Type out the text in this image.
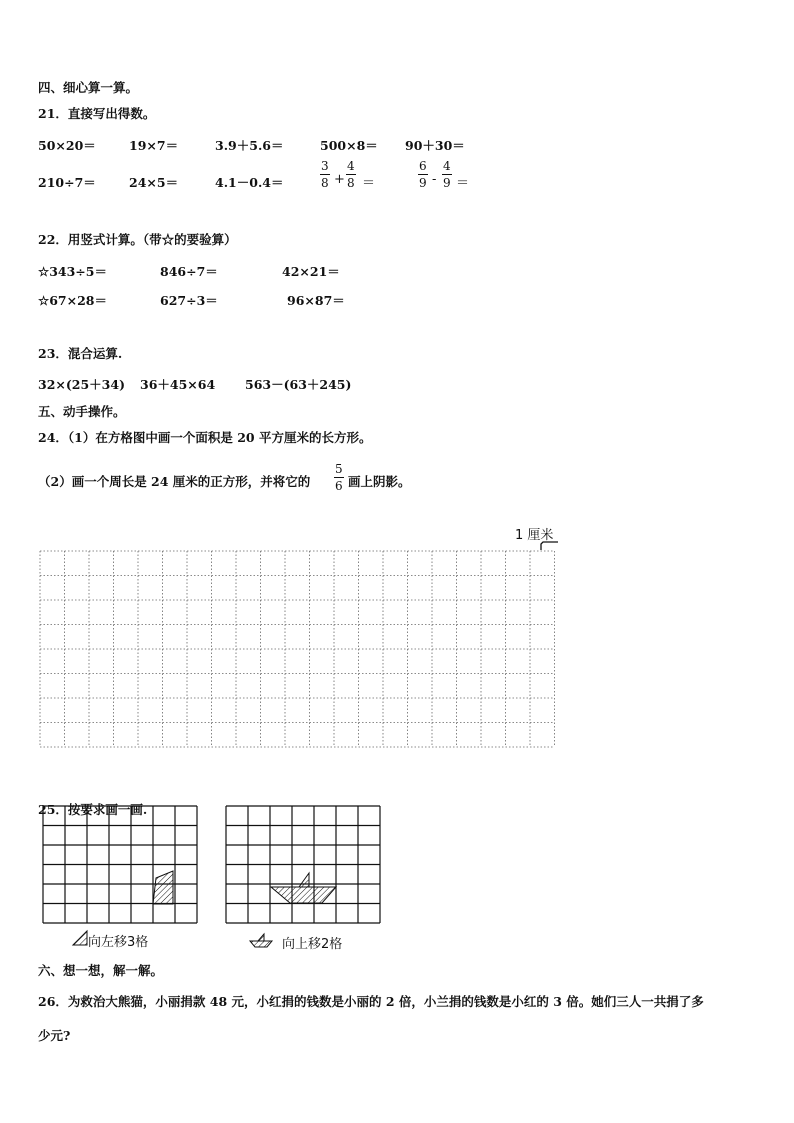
四、细心算一算。
21．直接写出得数。
50×20＝	19×7＝	3.9＋5.6＝	500×8＝ 90＋30＝
210÷7＝	24×5＝	4.1－0.4＝	$\frac{3}{8} + \frac{4}{8}$ ＝	$\frac{6}{9} - \frac{4}{9}$ ＝
22．用竖式计算。（带☆的要验算）
☆343÷5＝	846÷7＝	42×21＝
☆67×28＝	627÷3＝	96×87＝
23．混合运算.
32×(25＋34) 36＋45×64 563－(63＋245)
五、动手操作。
24．（1）在方格图中画一个面积是 20 平方厘米的长方形。
（2）画一个周长是 24 厘米的正方形，并将它的 $\frac{5}{6}$ 画上阴影。
1 厘米
25．按要求画一画.
向左移3格	向上移2格
六、想一想，解一解。
26．为救治大熊猫，小丽捐款 48 元，小红捐的钱数是小丽的 2 倍，小兰捐的钱数是小红的 3 倍。她们三人一共捐了多
少元?
